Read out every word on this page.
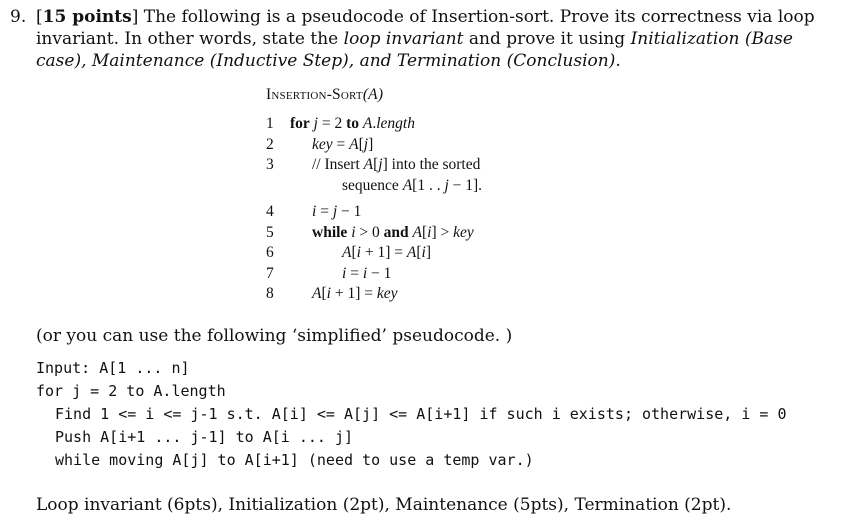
9. [15 points] The following is a pseudocode of Insertion-sort. Prove its correctness via loop
invariant. In other words, state the loop invariant and prove it using Initialization (Base
case), Maintenance (Inductive Step), and Termination (Conclusion).
Insertion-Sort(A)
1 for j = 2 to A.length
2 key = A[j]
3 // Insert A[j] into the sorted
sequence A[1 . . j − 1].
4 i = j − 1
5 while i > 0 and A[i] > key
6	A[i + 1] = A[i]
7	i = i − 1
8 A[i + 1] = key
(or you can use the following ‘simplified’ pseudocode. )
Input: A[1 ... n]
for j = 2 to A.length
Find 1 <= i <= j-1 s.t. A[i] <= A[j] <= A[i+1] if such i exists; otherwise, i = 0
Push A[i+1 ... j-1] to A[i ... j]
while moving A[j] to A[i+1] (need to use a temp var.)
Loop invariant (6pts), Initialization (2pt), Maintenance (5pts), Termination (2pt).
